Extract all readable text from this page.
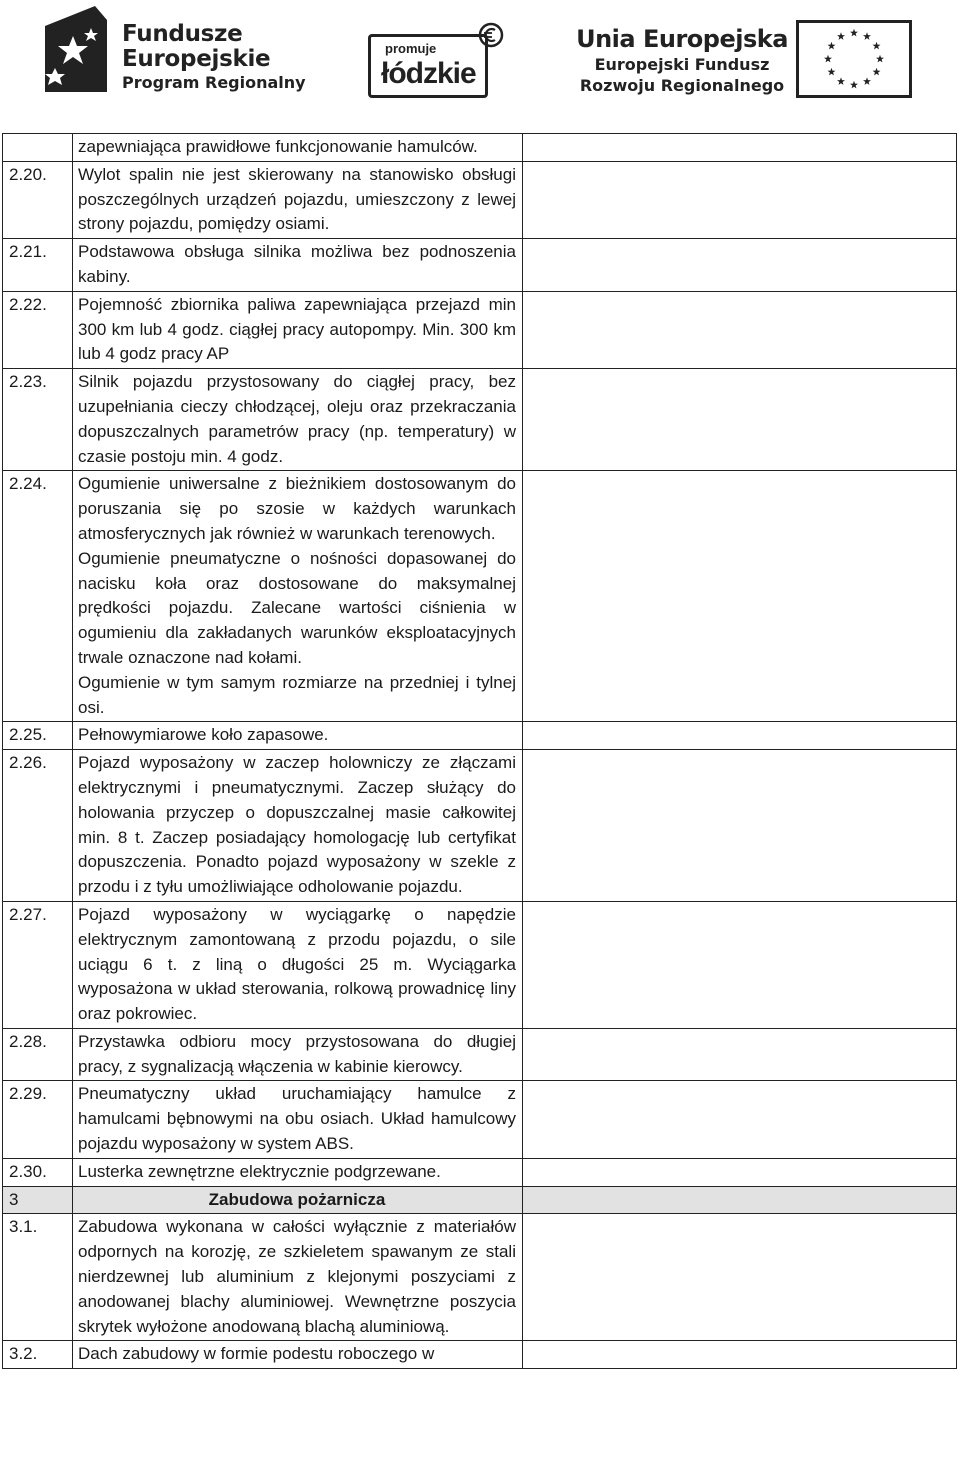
Fundusze
Europejskie
Program Regionalny
promuje
łódzkie
Unia Europejska
Europejski Fundusz
Rozwoju Regionalnego

	zapewniająca prawidłowe funkcjonowanie hamulców.	

2.20.	Wylot spalin nie jest skierowany na stanowisko obsługi poszczególnych urządzeń pojazdu, umieszczony z lewej strony pojazdu, pomiędzy osiami.	

2.21.	Podstawowa obsługa silnika możliwa bez podnoszenia kabiny.	

2.22.	Pojemność zbiornika paliwa zapewniająca przejazd min 300 km lub 4 godz. ciągłej pracy autopompy. Min. 300 km lub 4 godz pracy AP	

2.23.	Silnik pojazdu przystosowany do ciągłej pracy, bez uzupełniania cieczy chłodzącej, oleju oraz przekraczania dopuszczalnych parametrów pracy (np. temperatury) w czasie postoju min. 4 godz.	

2.24.	Ogumienie uniwersalne z bieżnikiem dostosowanym do poruszania się po szosie w każdych warunkach atmosferycznych jak również w warunkach terenowych.
Ogumienie pneumatyczne o nośności dopasowanej do nacisku koła oraz dostosowane do maksymalnej prędkości pojazdu. Zalecane wartości ciśnienia w ogumieniu dla zakładanych warunków eksploatacyjnych trwale oznaczone nad kołami.
Ogumienie w tym samym rozmiarze na przedniej i tylnej osi.	

2.25.	Pełnowymiarowe koło zapasowe.	

2.26.	Pojazd wyposażony w zaczep holowniczy ze złączami elektrycznymi i pneumatycznymi. Zaczep służący do holowania przyczep o dopuszczalnej masie całkowitej min. 8 t. Zaczep posiadający homologację lub certyfikat dopuszczenia. Ponadto pojazd wyposażony w szekle z przodu i z tyłu umożliwiające odholowanie pojazdu.	

2.27.	Pojazd wyposażony w wyciągarkę o napędzie elektrycznym zamontowaną z przodu pojazdu, o sile uciągu 6 t. z liną o długości 25 m. Wyciągarka wyposażona w układ sterowania, rolkową prowadnicę liny oraz pokrowiec.	

2.28.	Przystawka odbioru mocy przystosowana do długiej pracy, z sygnalizacją włączenia w kabinie kierowcy.	

2.29.	Pneumatyczny układ uruchamiający hamulce z hamulcami bębnowymi na obu osiach. Układ hamulcowy pojazdu wyposażony w system ABS.	

2.30.	Lusterka zewnętrzne elektrycznie podgrzewane.	

3	Zabudowa pożarnicza	

3.1.	Zabudowa wykonana w całości wyłącznie z materiałów odpornych na korozję, ze szkieletem spawanym ze stali nierdzewnej lub aluminium z klejonymi poszyciami z anodowanej blachy aluminiowej. Wewnętrzne poszycia skrytek wyłożone anodowaną blachą aluminiową.	

3.2.	Dach zabudowy w formie podestu roboczego w	
